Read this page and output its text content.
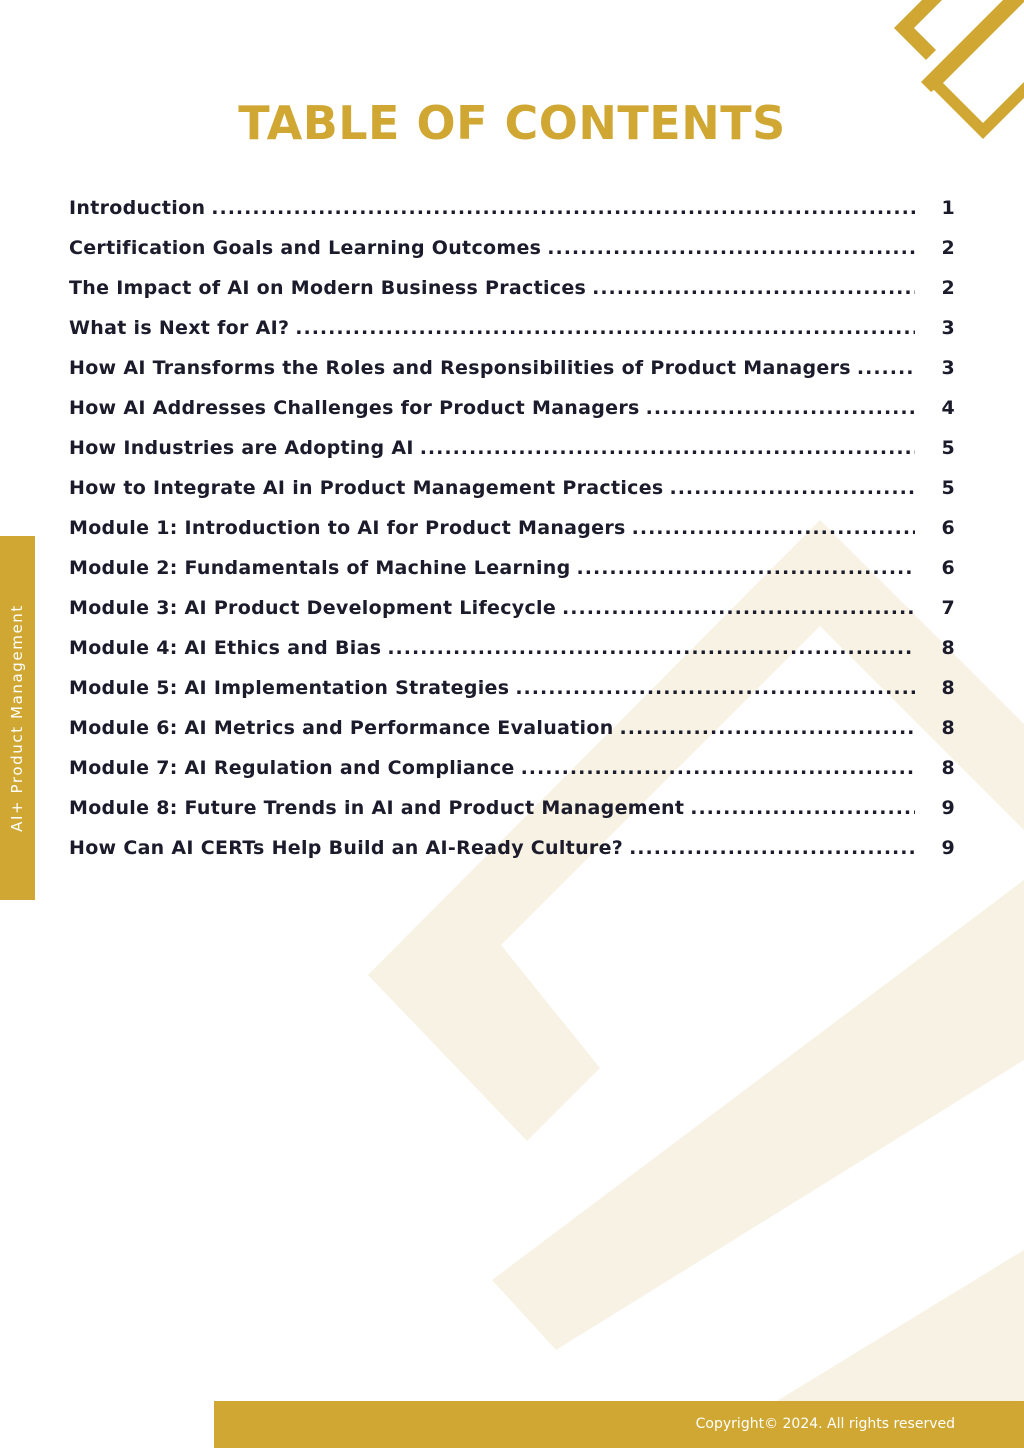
TABLE OF CONTENTS
Introduction .....	1
Certification Goals and Learning Outcomes .....	2
The Impact of AI on Modern Business Practices .....	2
What is Next for AI? .....	3
How AI Transforms the Roles and Responsibilities of Product Managers .....	3
How AI Addresses Challenges for Product Managers .....	4
How Industries are Adopting AI .....	5
How to Integrate AI in Product Management Practices .....	5
Module 1: Introduction to AI for Product Managers .....	6
Module 2: Fundamentals of Machine Learning .....	6
Module 3: AI Product Development Lifecycle .....	7
Module 4: AI Ethics and Bias .....	8
Module 5: AI Implementation Strategies .....	8
Module 6: AI Metrics and Performance Evaluation .....	8
Module 7: AI Regulation and Compliance .....	8
Module 8: Future Trends in AI and Product Management .....	9
How Can AI CERTs Help Build an AI-Ready Culture? .....	9
AI+ Product Management
Copyright© 2024. All rights reserved
